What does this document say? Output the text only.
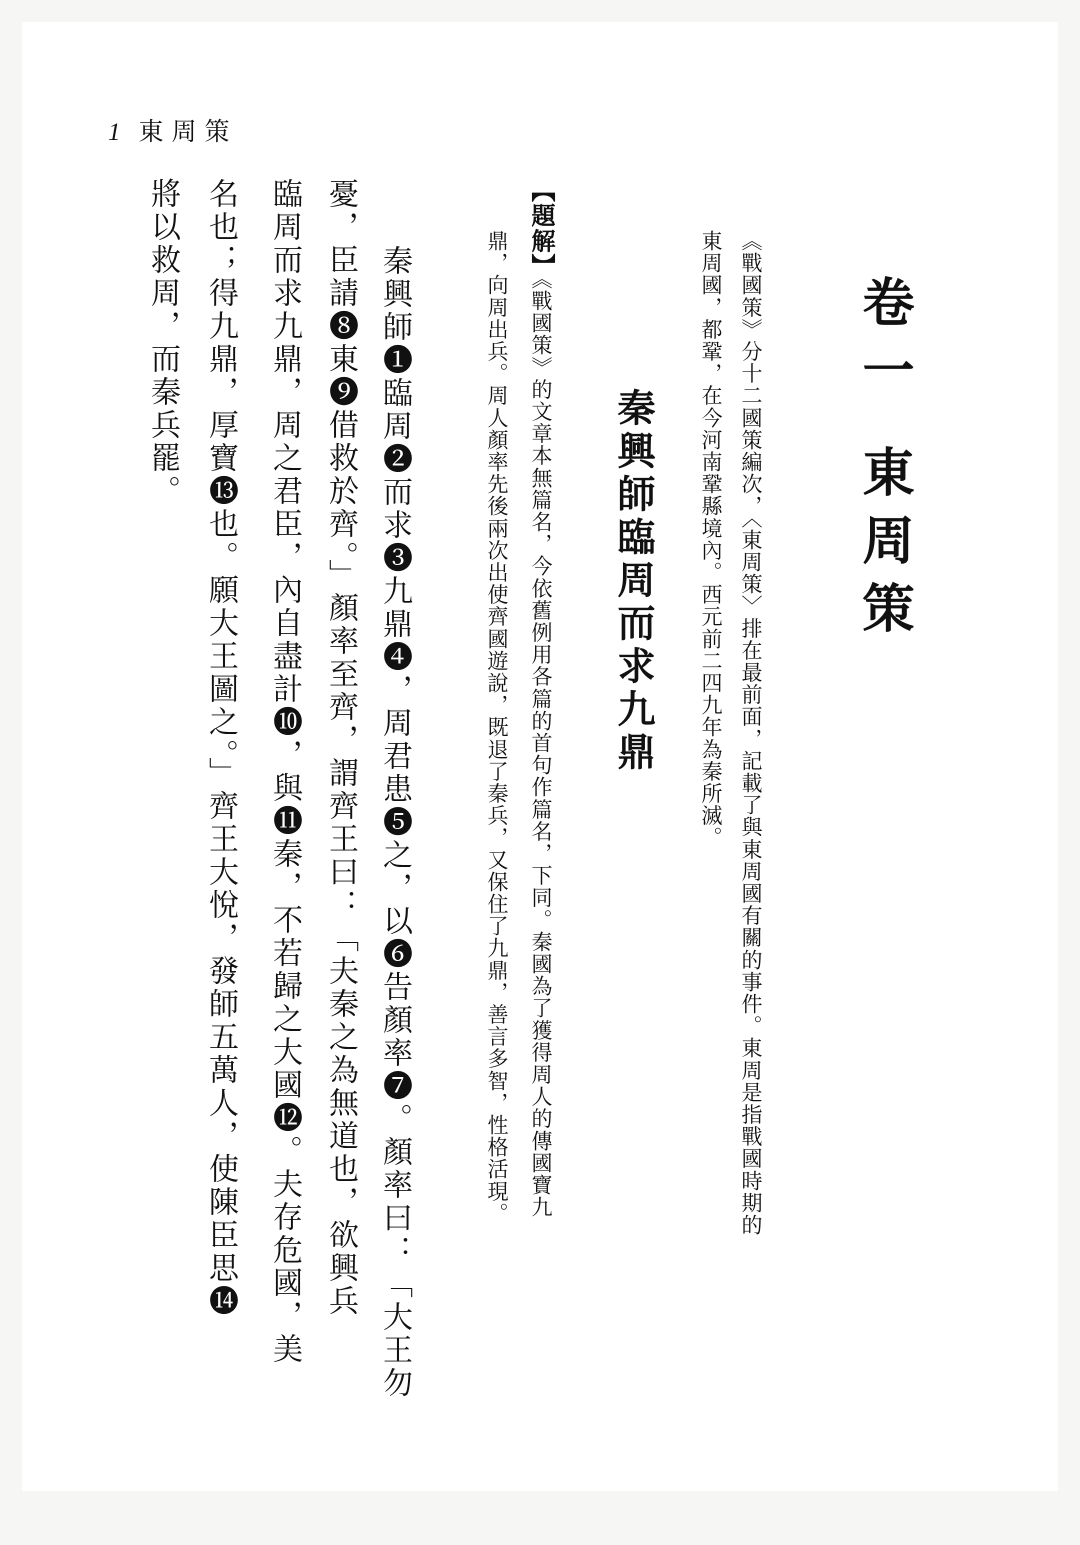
1 東周策
卷一東周策
《戰國策》分十二國策編次，〈東周策〉排在最前面，記載了與東周國有關的事件。東周是指戰國時期的
東周國，都鞏，在今河南鞏縣境內。西元前二四九年為秦所滅。
秦興師臨周而求九鼎
【題解】《戰國策》的文章本無篇名，今依舊例用各篇的首句作篇名，下同。秦國為了獲得周人的傳國寶九
鼎，向周出兵。周人顏率先後兩次出使齊國遊說，既退了秦兵，又保住了九鼎，善言多智，性格活現。
秦興師❶臨周❷而求❸九鼎❹，周君患❺之，以❻告顏率❼。顏率曰：「大王勿
憂，臣請❽東❾借救於齊。」顏率至齊，謂齊王曰：「夫秦之為無道也，欲興兵
臨周而求九鼎，周之君臣，內自盡計❿，與⓫秦，不若歸之大國⓬。夫存危國，美
名也；得九鼎，厚寶⓭也。願大王圖之。」齊王大悅，發師五萬人，使陳臣思⓮
將以救周，而秦兵罷。
